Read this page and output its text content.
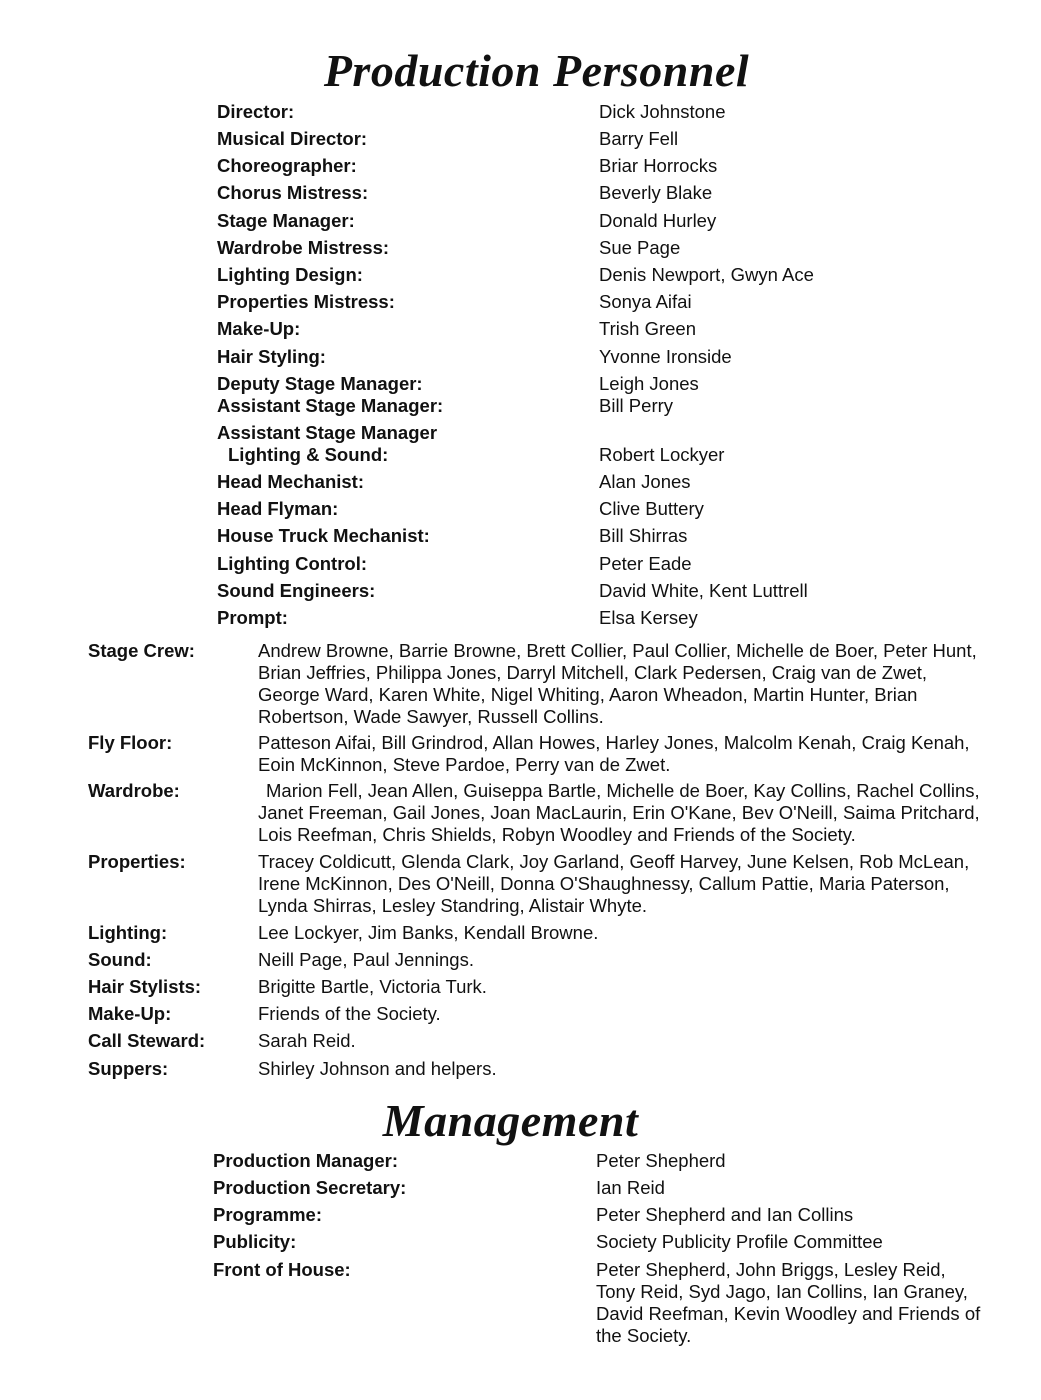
Production Personnel
Director:	Dick Johnstone
Musical Director:	Barry Fell
Choreographer:	Briar Horrocks
Chorus Mistress:	Beverly Blake
Stage Manager:	Donald Hurley
Wardrobe Mistress:	Sue Page
Lighting Design:	Denis Newport, Gwyn Ace
Properties Mistress:	Sonya Aifai
Make-Up:	Trish Green
Hair Styling:	Yvonne Ironside
Deputy Stage Manager:	Leigh Jones
Assistant Stage Manager:	Bill Perry
Assistant Stage Manager
Lighting & Sound:	Robert Lockyer
Head Mechanist:	Alan Jones
Head Flyman:	Clive Buttery
House Truck Mechanist:	Bill Shirras
Lighting Control:	Peter Eade
Sound Engineers:	David White, Kent Luttrell
Prompt:	Elsa Kersey
Stage Crew:	Andrew Browne, Barrie Browne, Brett Collier, Paul Collier, Michelle de Boer, Peter Hunt, Brian Jeffries, Philippa Jones, Darryl Mitchell, Clark Pedersen, Craig van de Zwet, George Ward, Karen White, Nigel Whiting, Aaron Wheadon, Martin Hunter, Brian Robertson, Wade Sawyer, Russell Collins.
Fly Floor:	Patteson Aifai, Bill Grindrod, Allan Howes, Harley Jones, Malcolm Kenah, Craig Kenah, Eoin McKinnon, Steve Pardoe, Perry van de Zwet.
Wardrobe:	Marion Fell, Jean Allen, Guiseppa Bartle, Michelle de Boer, Kay Collins, Rachel Collins, Janet Freeman, Gail Jones, Joan MacLaurin, Erin O'Kane, Bev O'Neill, Saima Pritchard, Lois Reefman, Chris Shields, Robyn Woodley and Friends of the Society.
Properties:	Tracey Coldicutt, Glenda Clark, Joy Garland, Geoff Harvey, June Kelsen, Rob McLean, Irene McKinnon, Des O'Neill, Donna O'Shaughnessy, Callum Pattie, Maria Paterson, Lynda Shirras, Lesley Standring, Alistair Whyte.
Lighting:	Lee Lockyer, Jim Banks, Kendall Browne.
Sound:	Neill Page, Paul Jennings.
Hair Stylists:	Brigitte Bartle, Victoria Turk.
Make-Up:	Friends of the Society.
Call Steward:	Sarah Reid.
Suppers:	Shirley Johnson and helpers.
Management
Production Manager:	Peter Shepherd
Production Secretary:	Ian Reid
Programme:	Peter Shepherd and Ian Collins
Publicity:	Society Publicity Profile Committee
Front of House:	Peter Shepherd, John Briggs, Lesley Reid, Tony Reid, Syd Jago, Ian Collins, Ian Graney, David Reefman, Kevin Woodley and Friends of the Society.
